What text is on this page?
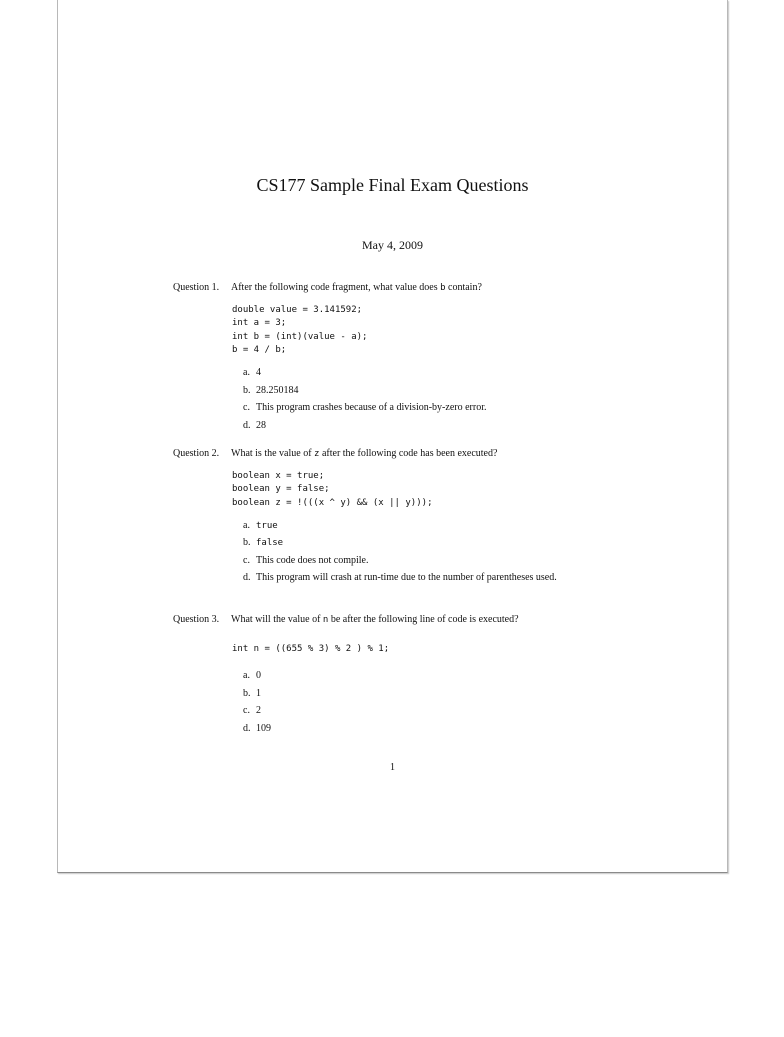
CS177 Sample Final Exam Questions
May 4, 2009
Question 1.	After the following code fragment, what value does b contain?
double value = 3.141592;
int a = 3;
int b = (int)(value - a);
b = 4 / b;
a. 4
b. 28.250184
c. This program crashes because of a division-by-zero error.
d. 28
Question 2.	What is the value of z after the following code has been executed?
boolean x = true;
boolean y = false;
boolean z = !(((x ^ y) && (x || y)));
a. true
b. false
c. This code does not compile.
d. This program will crash at run-time due to the number of parentheses used.
Question 3.	What will the value of n be after the following line of code is executed?
int n = ((655 % 3) % 2 ) % 1;
a. 0
b. 1
c. 2
d. 109
1
